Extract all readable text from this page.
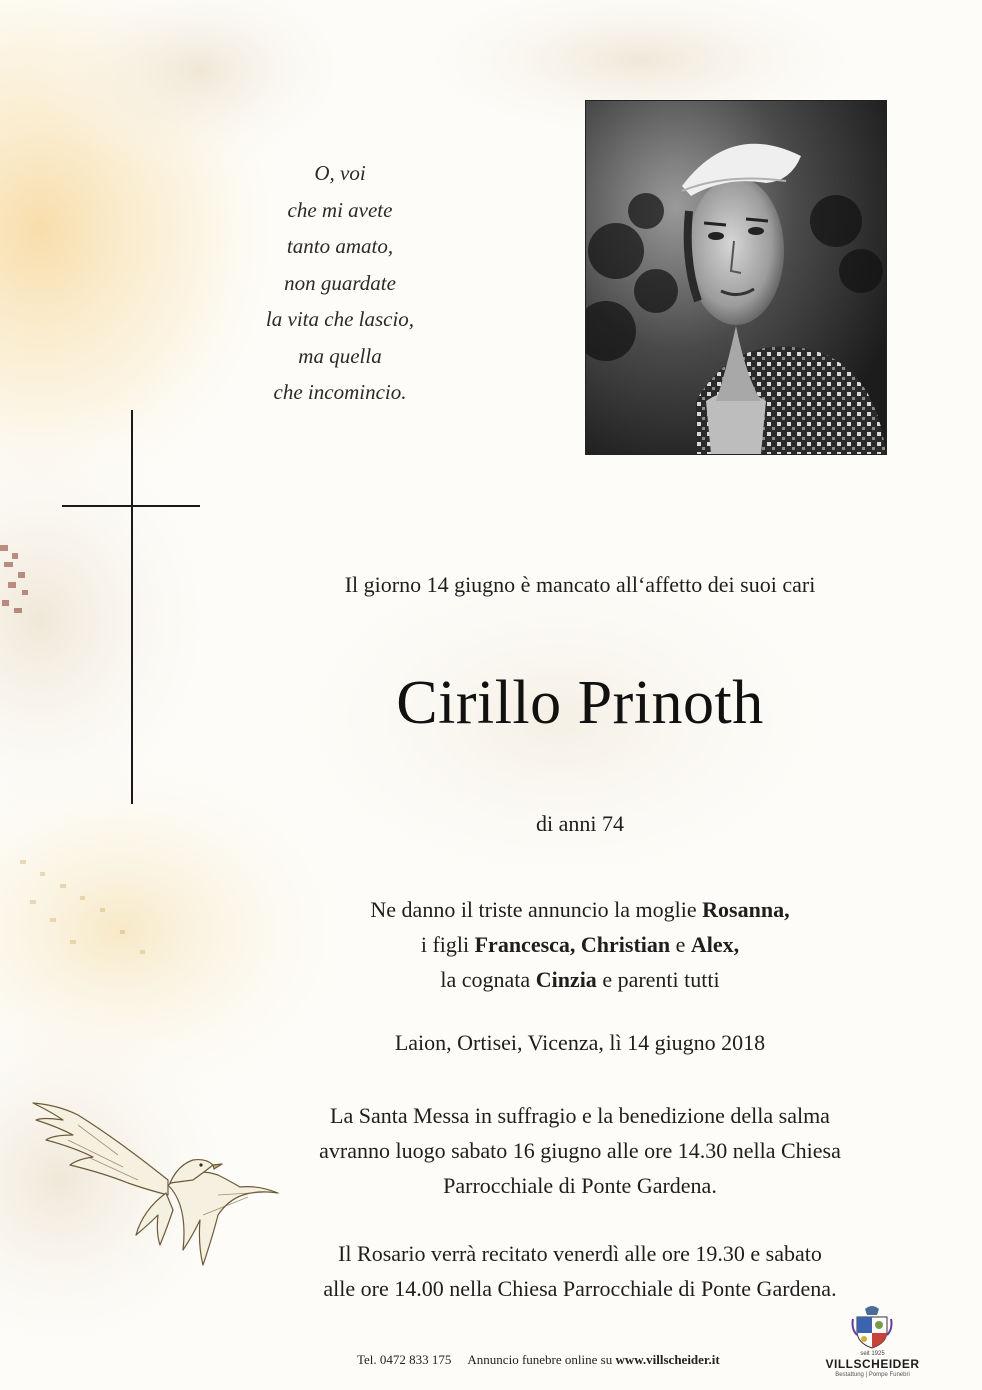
O, voi
che mi avete
tanto amato,
non guardate
la vita che lascio,
ma quella
che incomincio.
Il giorno 14 giugno è mancato all‘affetto dei suoi cari
Cirillo Prinoth
di anni 74
Ne danno il triste annuncio la moglie Rosanna,
i figli Francesca, Christian e Alex,
la cognata Cinzia e parenti tutti
Laion, Ortisei, Vicenza, lì 14 giugno 2018
La Santa Messa in suffragio e la benedizione della salma
avranno luogo sabato 16 giugno alle ore 14.30 nella Chiesa
Parrocchiale di Ponte Gardena.
Il Rosario verrà recitato venerdì alle ore 19.30 e sabato
alle ore 14.00 nella Chiesa Parrocchiale di Ponte Gardena.
Tel. 0472 833 175 Annuncio funebre online su www.villscheider.it	seit 1925
VILLSCHEIDER
Bestattung | Pompe Funebri
